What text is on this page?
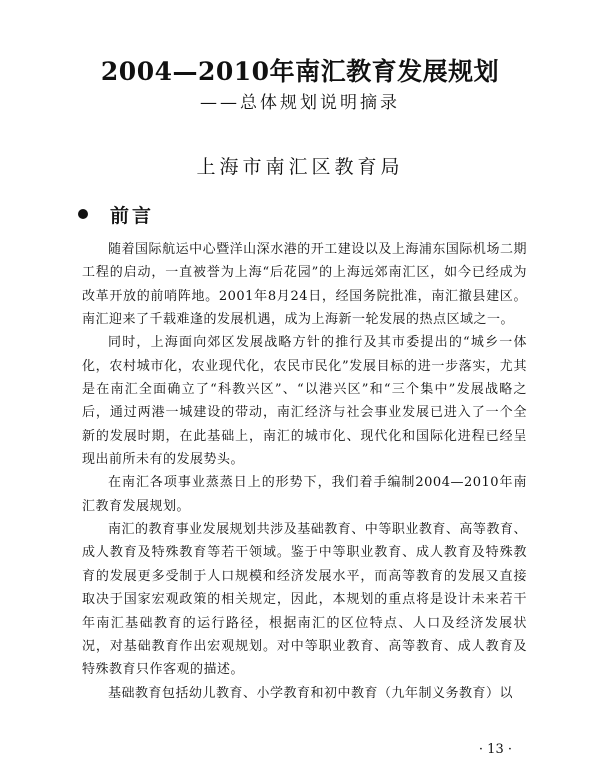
2004—2010年南汇教育发展规划
——总体规划说明摘录
上海市南汇区教育局
前言

随着国际航运中心暨洋山深水港的开工建设以及上海浦东国际机场二期工程的启动，一直被誉为上海“后花园”的上海远郊南汇区，如今已经成为改革开放的前哨阵地。2001年8月24日，经国务院批准，南汇撤县建区。南汇迎来了千载难逢的发展机遇，成为上海新一轮发展的热点区域之一。

同时，上海面向郊区发展战略方针的推行及其市委提出的“城乡一体化，农村城市化，农业现代化，农民市民化”发展目标的进一步落实，尤其是在南汇全面确立了“科教兴区”、“以港兴区”和“三个集中”发展战略之后，通过两港一城建设的带动，南汇经济与社会事业发展已进入了一个全新的发展时期，在此基础上，南汇的城市化、现代化和国际化进程已经呈现出前所未有的发展势头。

在南汇各项事业蒸蒸日上的形势下，我们着手编制2004—2010年南汇教育发展规划。

南汇的教育事业发展规划共涉及基础教育、中等职业教育、高等教育、成人教育及特殊教育等若干领域。鉴于中等职业教育、成人教育及特殊教育的发展更多受制于人口规模和经济发展水平，而高等教育的发展又直接取决于国家宏观政策的相关规定，因此，本规划的重点将是设计未来若干年南汇基础教育的运行路径，根据南汇的区位特点、人口及经济发展状况，对基础教育作出宏观规划。对中等职业教育、高等教育、成人教育及特殊教育只作客观的描述。

基础教育包括幼儿教育、小学教育和初中教育（九年制义务教育）以

· 13 ·
